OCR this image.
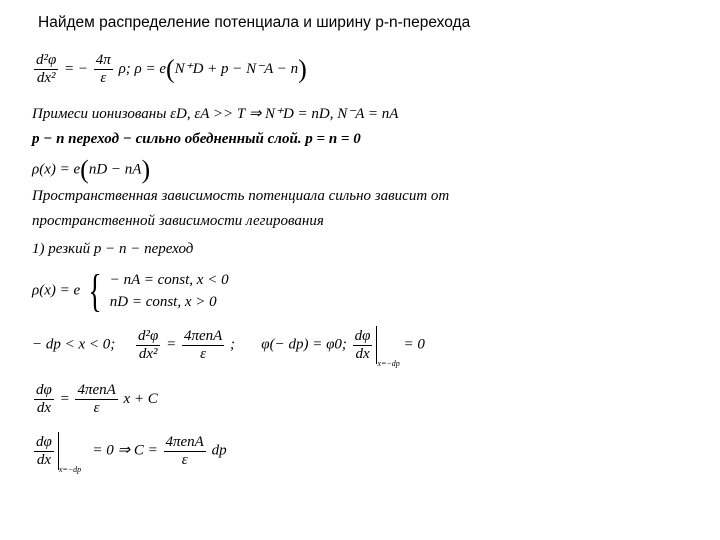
Найдем распределение потенциала и ширину p-n-перехода
$\frac{\text{d²φ}}{\text{dx²}}$ = − $\frac{4\pi}{\varepsilon} \rho$; ρ = e(N⁺D + p − N⁻A − n)
Примеси ионизованы εD, εA >> T ⇒ N⁺D = nD, N⁻A = nA
p − n переход − сильно обедненный слой. p = n = 0
ρ(x) = e(nD − nA)
Пространственная зависимость потенциала сильно зависит от
пространственной зависимости легирования
1) резкий p − n − переход
ρ(x) = e { − nA = const, x < 0
nD = const, x > 0
− dp < x < 0; $\frac{\text{d²φ}}{\text{dx²}} = \frac{\text{4πenA}}{\varepsilon}$ ; φ(− dp) = φ0; $\frac{d\varphi}{dx}$
$_{x=-dp}$ = 0
$\frac{d\varphi}{dx} = \frac{\text{4πenA}}{\varepsilon}$ x + C
$\frac{d\varphi}{dx}$
$_{x=-dp}$   = 0 ⇒ $C = \frac{\text{4πenA}}{\varepsilon}$ dp
